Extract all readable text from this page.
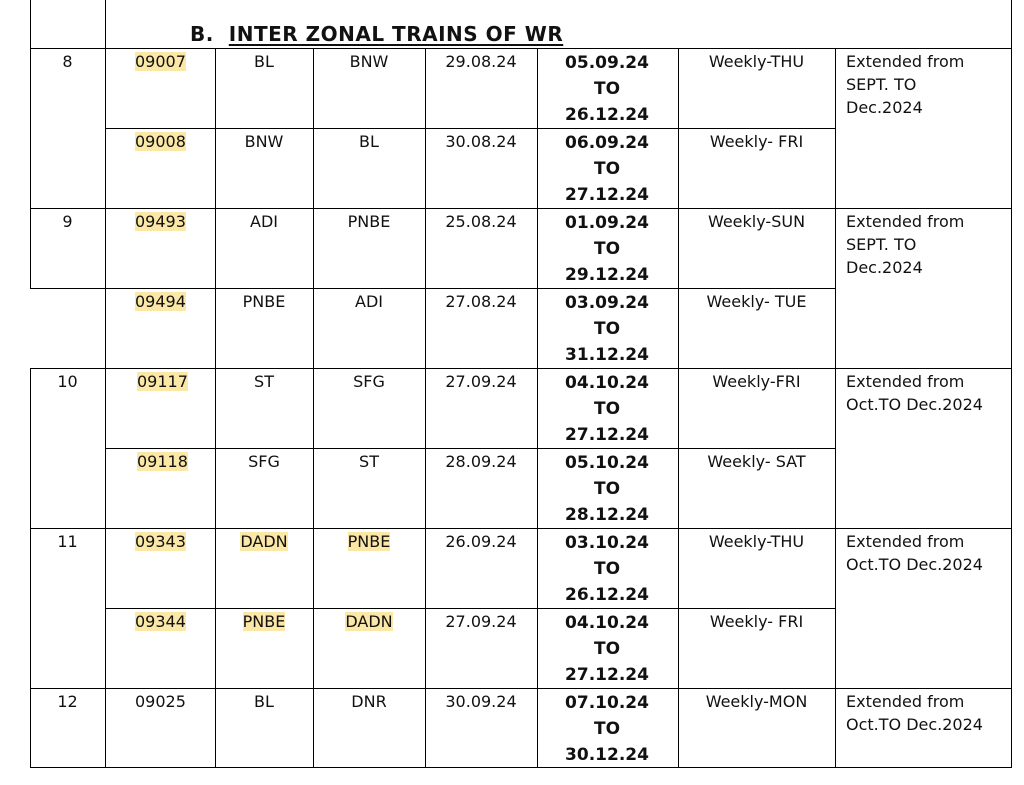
B. INTER ZONAL TRAINS OF WR
8	09007	BL	BNW	29.08.24	05.09.24
TO
26.12.24
Weekly-THU	Extended from
SEPT. TO
Dec.2024
09008	BNW	BL	30.08.24	06.09.24
TO
27.12.24
Weekly- FRI
9	09493	ADI	PNBE	25.08.24	01.09.24
TO
29.12.24
Weekly-SUN	Extended from
SEPT. TO
Dec.2024
09494	PNBE	ADI	27.08.24	03.09.24
TO
31.12.24
Weekly- TUE
10	09117	ST	SFG	27.09.24	04.10.24
TO
27.12.24
Weekly-FRI	Extended from
Oct.TO Dec.2024
09118	SFG	ST	28.09.24	05.10.24
TO
28.12.24
Weekly- SAT
11	09343	DADN	PNBE	26.09.24	03.10.24
TO
26.12.24
Weekly-THU	Extended from
Oct.TO Dec.2024
09344	PNBE	DADN	27.09.24	04.10.24
TO
27.12.24
Weekly- FRI
12	09025	BL	DNR	30.09.24	07.10.24
TO
30.12.24
Weekly-MON	Extended from
Oct.TO Dec.2024
